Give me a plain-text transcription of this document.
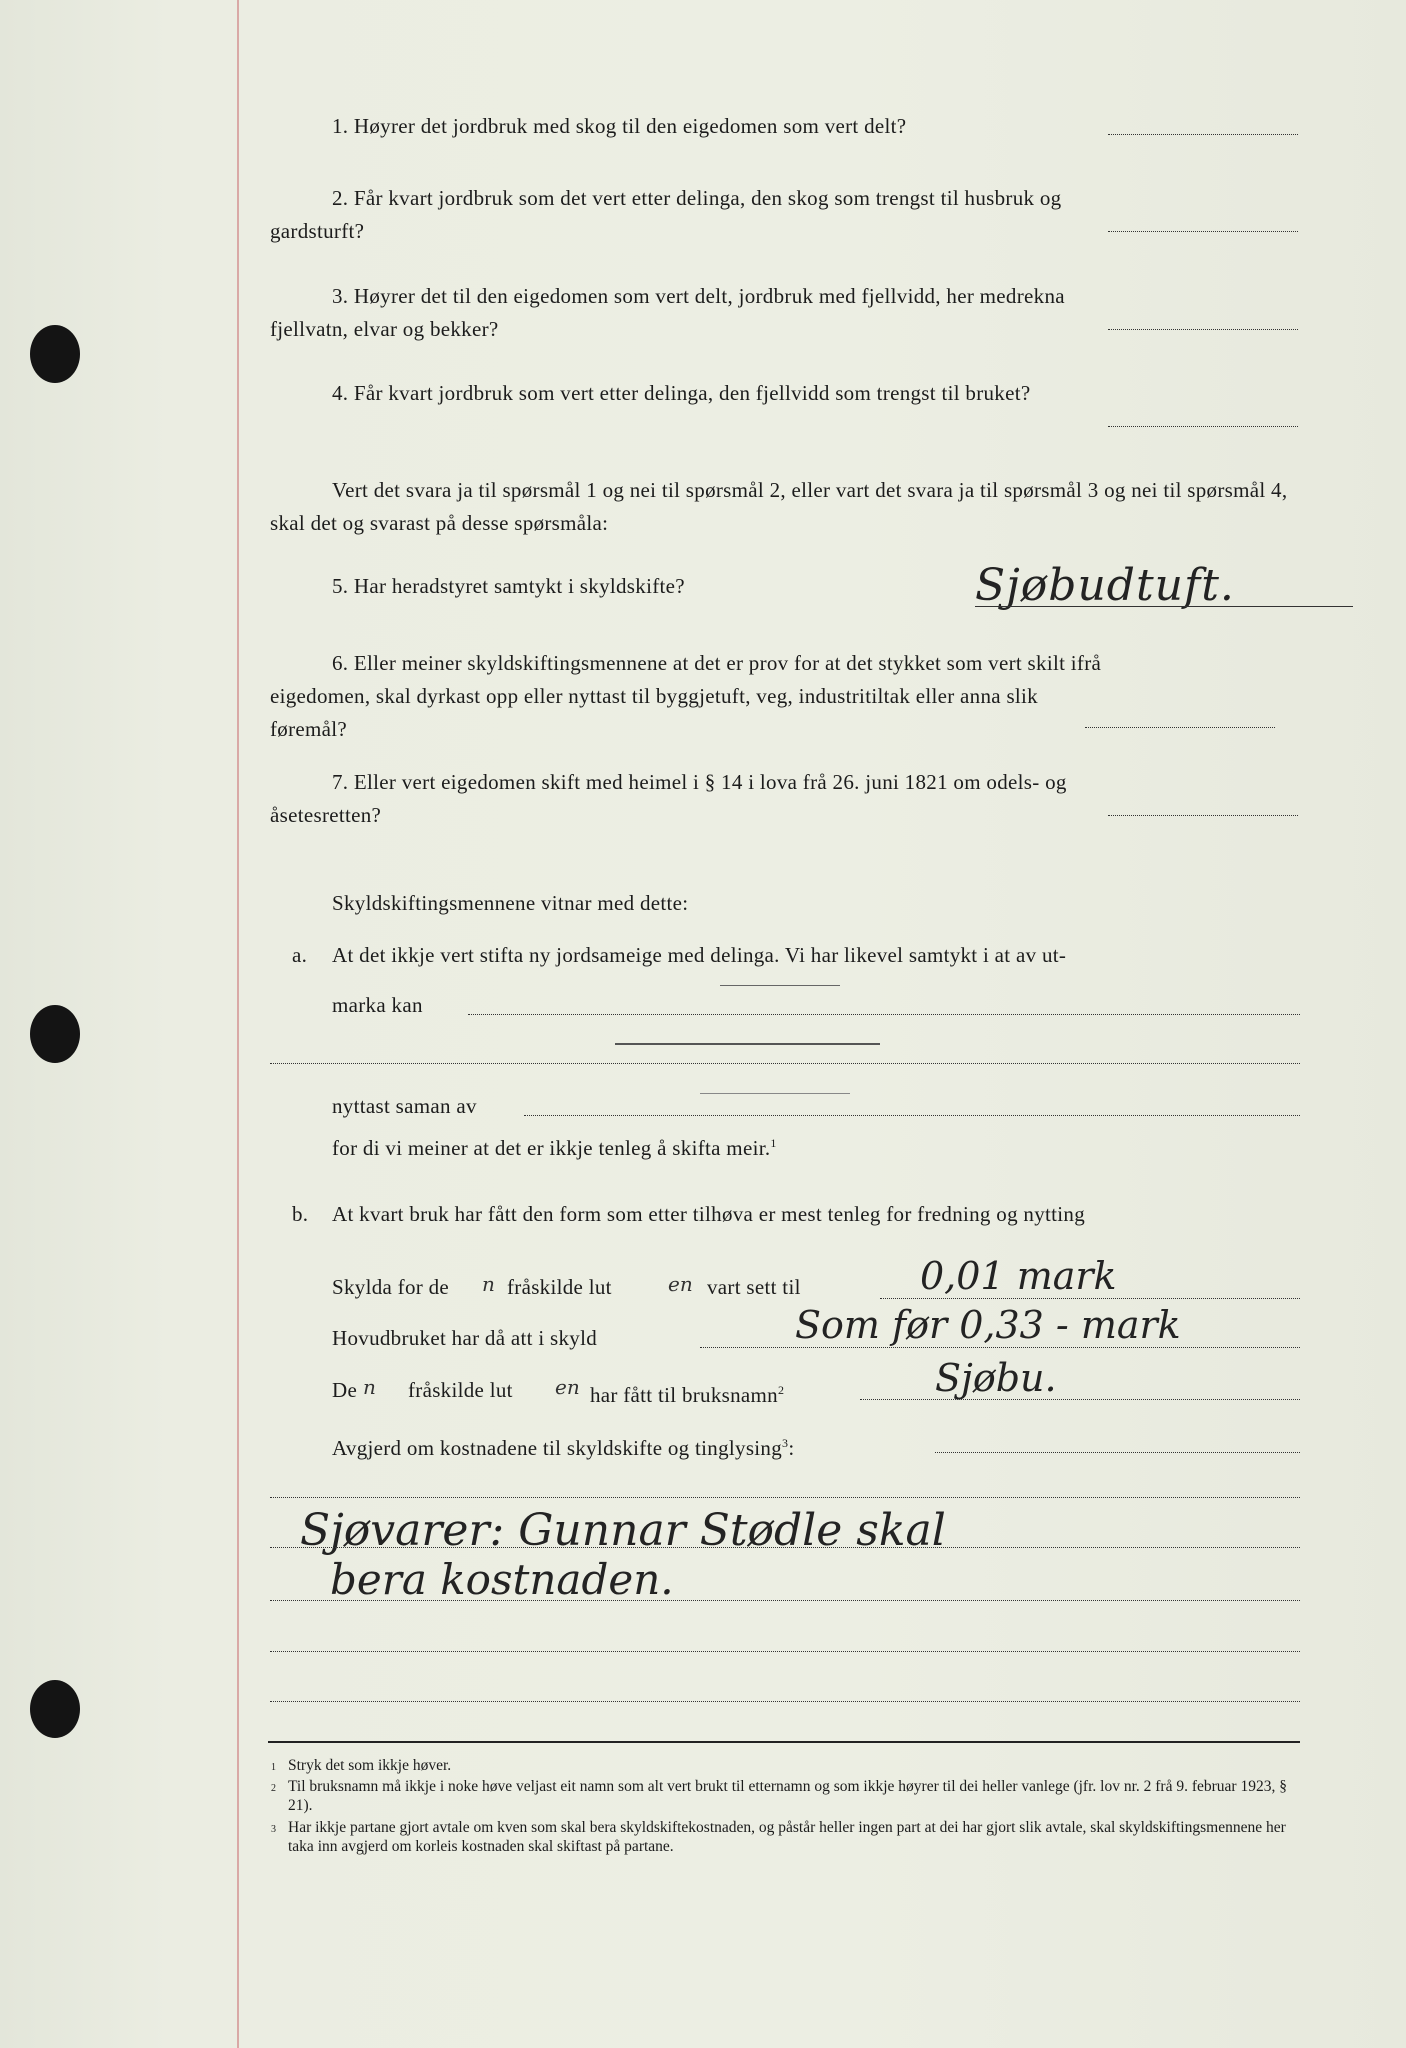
1. Høyrer det jordbruk med skog til den eigedomen som vert delt?
2. Får kvart jordbruk som det vert etter delinga, den skog som trengst til husbruk og gardsturft?
3. Høyrer det til den eigedomen som vert delt, jordbruk med fjellvidd, her medrekna fjellvatn, elvar og bekker?
4. Får kvart jordbruk som vert etter delinga, den fjellvidd som trengst til bruket?
Vert det svara ja til spørsmål 1 og nei til spørsmål 2, eller vart det svara ja til spørsmål 3 og nei til spørsmål 4, skal det og svarast på desse spørsmåla:
5. Har heradstyret samtykt i skyldskifte?	Sjøbudtuft.
6. Eller meiner skyldskiftingsmennene at det er prov for at det stykket som vert skilt ifrå eigedomen, skal dyrkast opp eller nyttast til byggjetuft, veg, industritiltak eller anna slik føremål?
7. Eller vert eigedomen skift med heimel i § 14 i lova frå 26. juni 1821 om odels- og åsetesretten?
Skyldskiftingsmennene vitnar med dette:
a. At det ikkje vert stifta ny jordsameige med delinga. Vi har likevel samtykt i at av ut-
marka kan
nyttast saman av
for di vi meiner at det er ikkje tenleg å skifta meir.$^1$
b. At kvart bruk har fått den form som etter tilhøva er mest tenleg for fredning og nytting
Skylda for de n fråskilde lut	en vart sett til	0,01 mark
Hovudbruket har då att i skyld	Som før 0,33 - mark
De n fråskilde lut en har fått til bruksnamn$^2$	Sjøbu.
Avgjerd om kostnadene til skyldskifte og tinglysing$^3$:
Sjøvarer: Gunnar Stødle skal
bera kostnaden.
1 Stryk det som ikkje høver.
2 Til bruksnamn må ikkje i noke høve veljast eit namn som alt vert brukt til etternamn og som ikkje høyrer til dei heller vanlege (jfr. lov nr. 2 frå 9. februar 1923, § 21).
3 Har ikkje partane gjort avtale om kven som skal bera skyldskiftekostnaden, og påstår heller ingen part at dei har gjort slik avtale, skal skyldskiftingsmennene her taka inn avgjerd om korleis kostnaden skal skiftast på partane.
